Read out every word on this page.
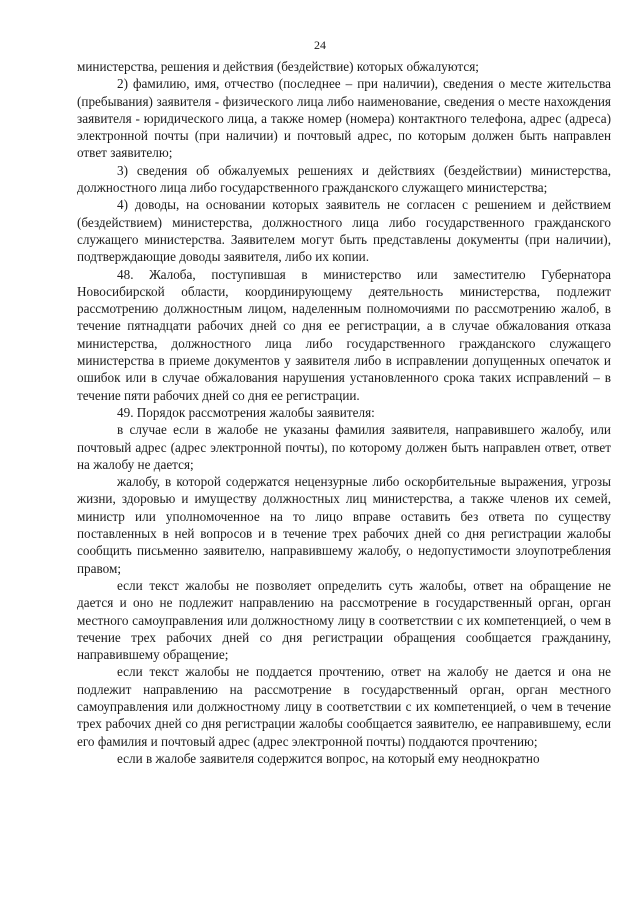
24

министерства, решения и действия (бездействие) которых обжалуются;

2) фамилию, имя, отчество (последнее – при наличии), сведения о месте жительства (пребывания) заявителя - физического лица либо наименование, сведения о месте нахождения заявителя - юридического лица, а также номер (номера) контактного телефона, адрес (адреса) электронной почты (при наличии) и почтовый адрес, по которым должен быть направлен ответ заявителю;

3) сведения об обжалуемых решениях и действиях (бездействии) министерства, должностного лица либо государственного гражданского служащего министерства;

4) доводы, на основании которых заявитель не согласен с решением и действием (бездействием) министерства, должностного лица либо государственного гражданского служащего министерства. Заявителем могут быть представлены документы (при наличии), подтверждающие доводы заявителя, либо их копии.

48. Жалоба, поступившая в министерство или заместителю Губернатора Новосибирской области, координирующему деятельность министерства, подлежит рассмотрению должностным лицом, наделенным полномочиями по рассмотрению жалоб, в течение пятнадцати рабочих дней со дня ее регистрации, а в случае обжалования отказа министерства, должностного лица либо государственного гражданского служащего министерства в приеме документов у заявителя либо в исправлении допущенных опечаток и ошибок или в случае обжалования нарушения установленного срока таких исправлений – в течение пяти рабочих дней со дня ее регистрации.

49. Порядок рассмотрения жалобы заявителя:

в случае если в жалобе не указаны фамилия заявителя, направившего жалобу, или почтовый адрес (адрес электронной почты), по которому должен быть направлен ответ, ответ на жалобу не дается;

жалобу, в которой содержатся нецензурные либо оскорбительные выражения, угрозы жизни, здоровью и имуществу должностных лиц министерства, а также членов их семей, министр или уполномоченное на то лицо вправе оставить без ответа по существу поставленных в ней вопросов и в течение трех рабочих дней со дня регистрации жалобы сообщить письменно заявителю, направившему жалобу, о недопустимости злоупотребления правом;

если текст жалобы не позволяет определить суть жалобы, ответ на обращение не дается и оно не подлежит направлению на рассмотрение в государственный орган, орган местного самоуправления или должностному лицу в соответствии с их компетенцией, о чем в течение трех рабочих дней со дня регистрации обращения сообщается гражданину, направившему обращение;

если текст жалобы не поддается прочтению, ответ на жалобу не дается и она не подлежит направлению на рассмотрение в государственный орган, орган местного самоуправления или должностному лицу в соответствии с их компетенцией, о чем в течение трех рабочих дней со дня регистрации жалобы сообщается заявителю, ее направившему, если его фамилия и почтовый адрес (адрес электронной почты) поддаются прочтению;

если в жалобе заявителя содержится вопрос, на который ему неоднократно
